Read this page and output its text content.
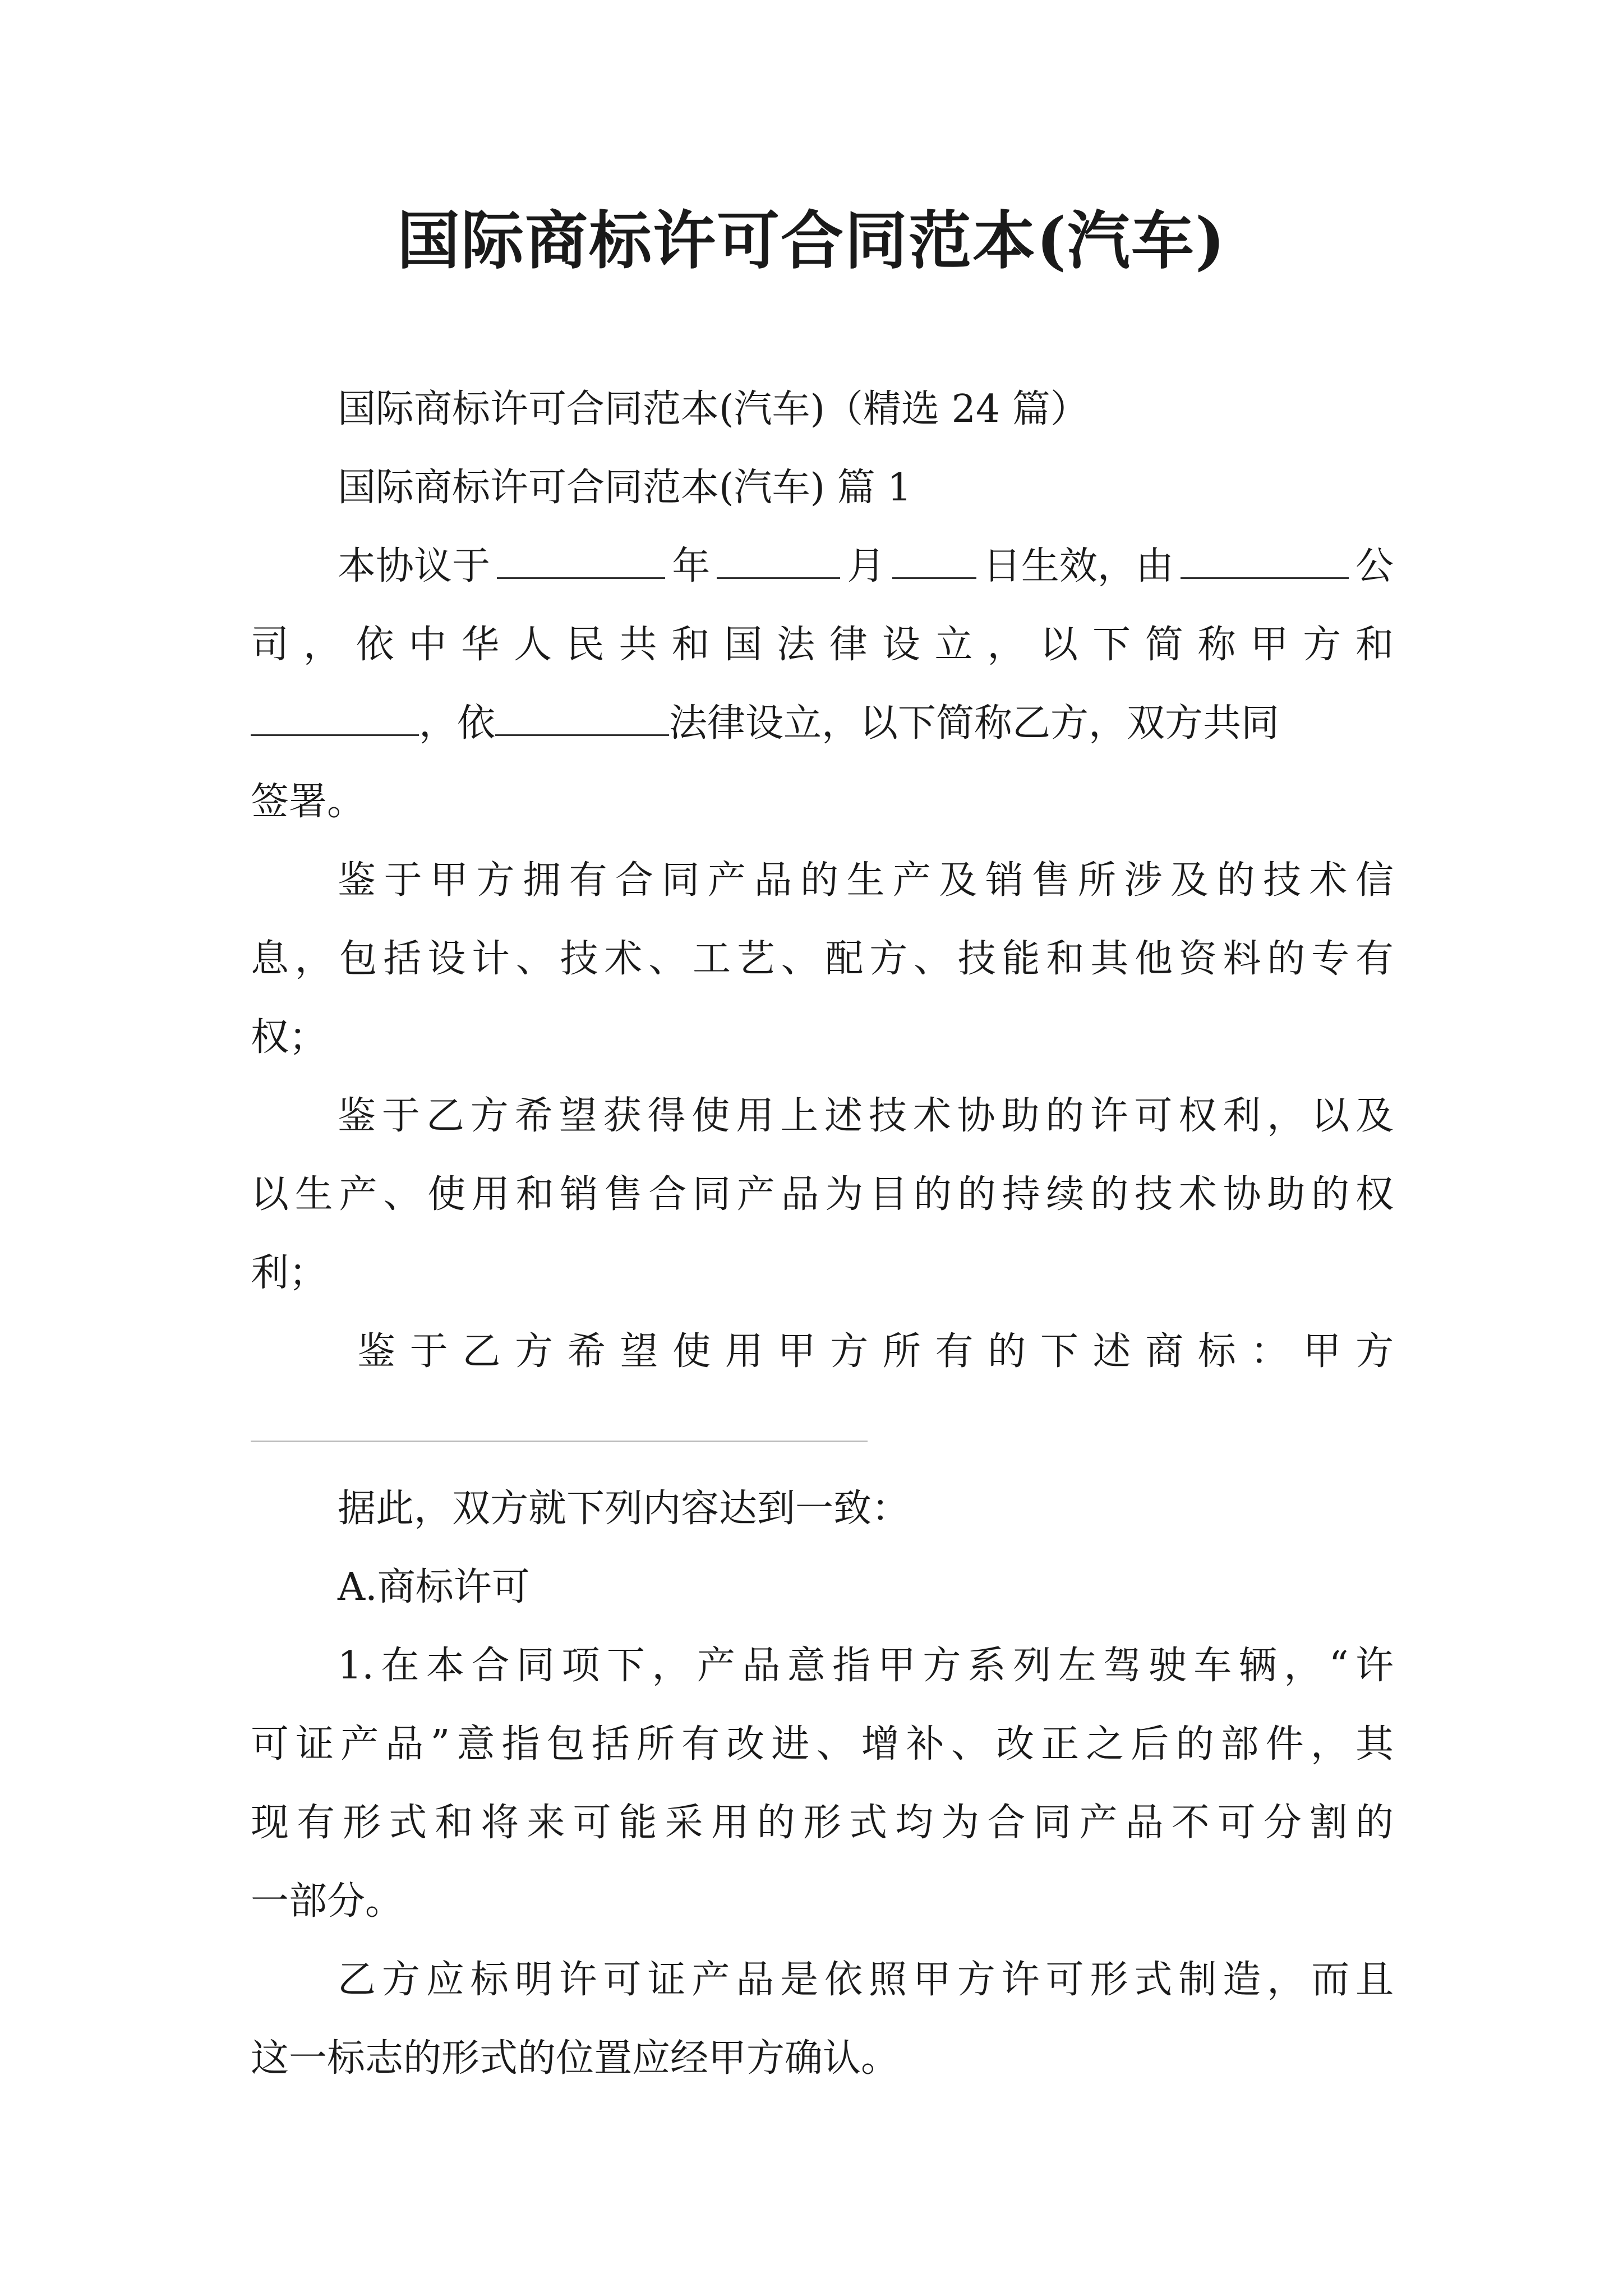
国际商标许可合同范本(汽车)
国际商标许可合同范本(汽车)（精选 24 篇）
国际商标许可合同范本(汽车) 篇 1
本协议于	年	月	日生效，由	公
司，依中华人民共和国法律设立，以下简称甲方和
，依	法律设立，以下简称乙方，双方共同
签署。
鉴于甲方拥有合同产品的生产及销售所涉及的技术信
息，包括设计、技术、工艺、配方、技能和其他资料的专有
权；
鉴于乙方希望获得使用上述技术协助的许可权利，以及
以生产、使用和销售合同产品为目的的持续的技术协助的权
利；
鉴于乙方希望使用甲方所有的下述商标：甲方
据此，双方就下列内容达到一致：
A.商标许可
1.在本合同项下，产品意指甲方系列左驾驶车辆，“许
可证产品”意指包括所有改进、增补、改正之后的部件，其
现有形式和将来可能采用的形式均为合同产品不可分割的
一部分。
乙方应标明许可证产品是依照甲方许可形式制造，而且
这一标志的形式的位置应经甲方确认。
